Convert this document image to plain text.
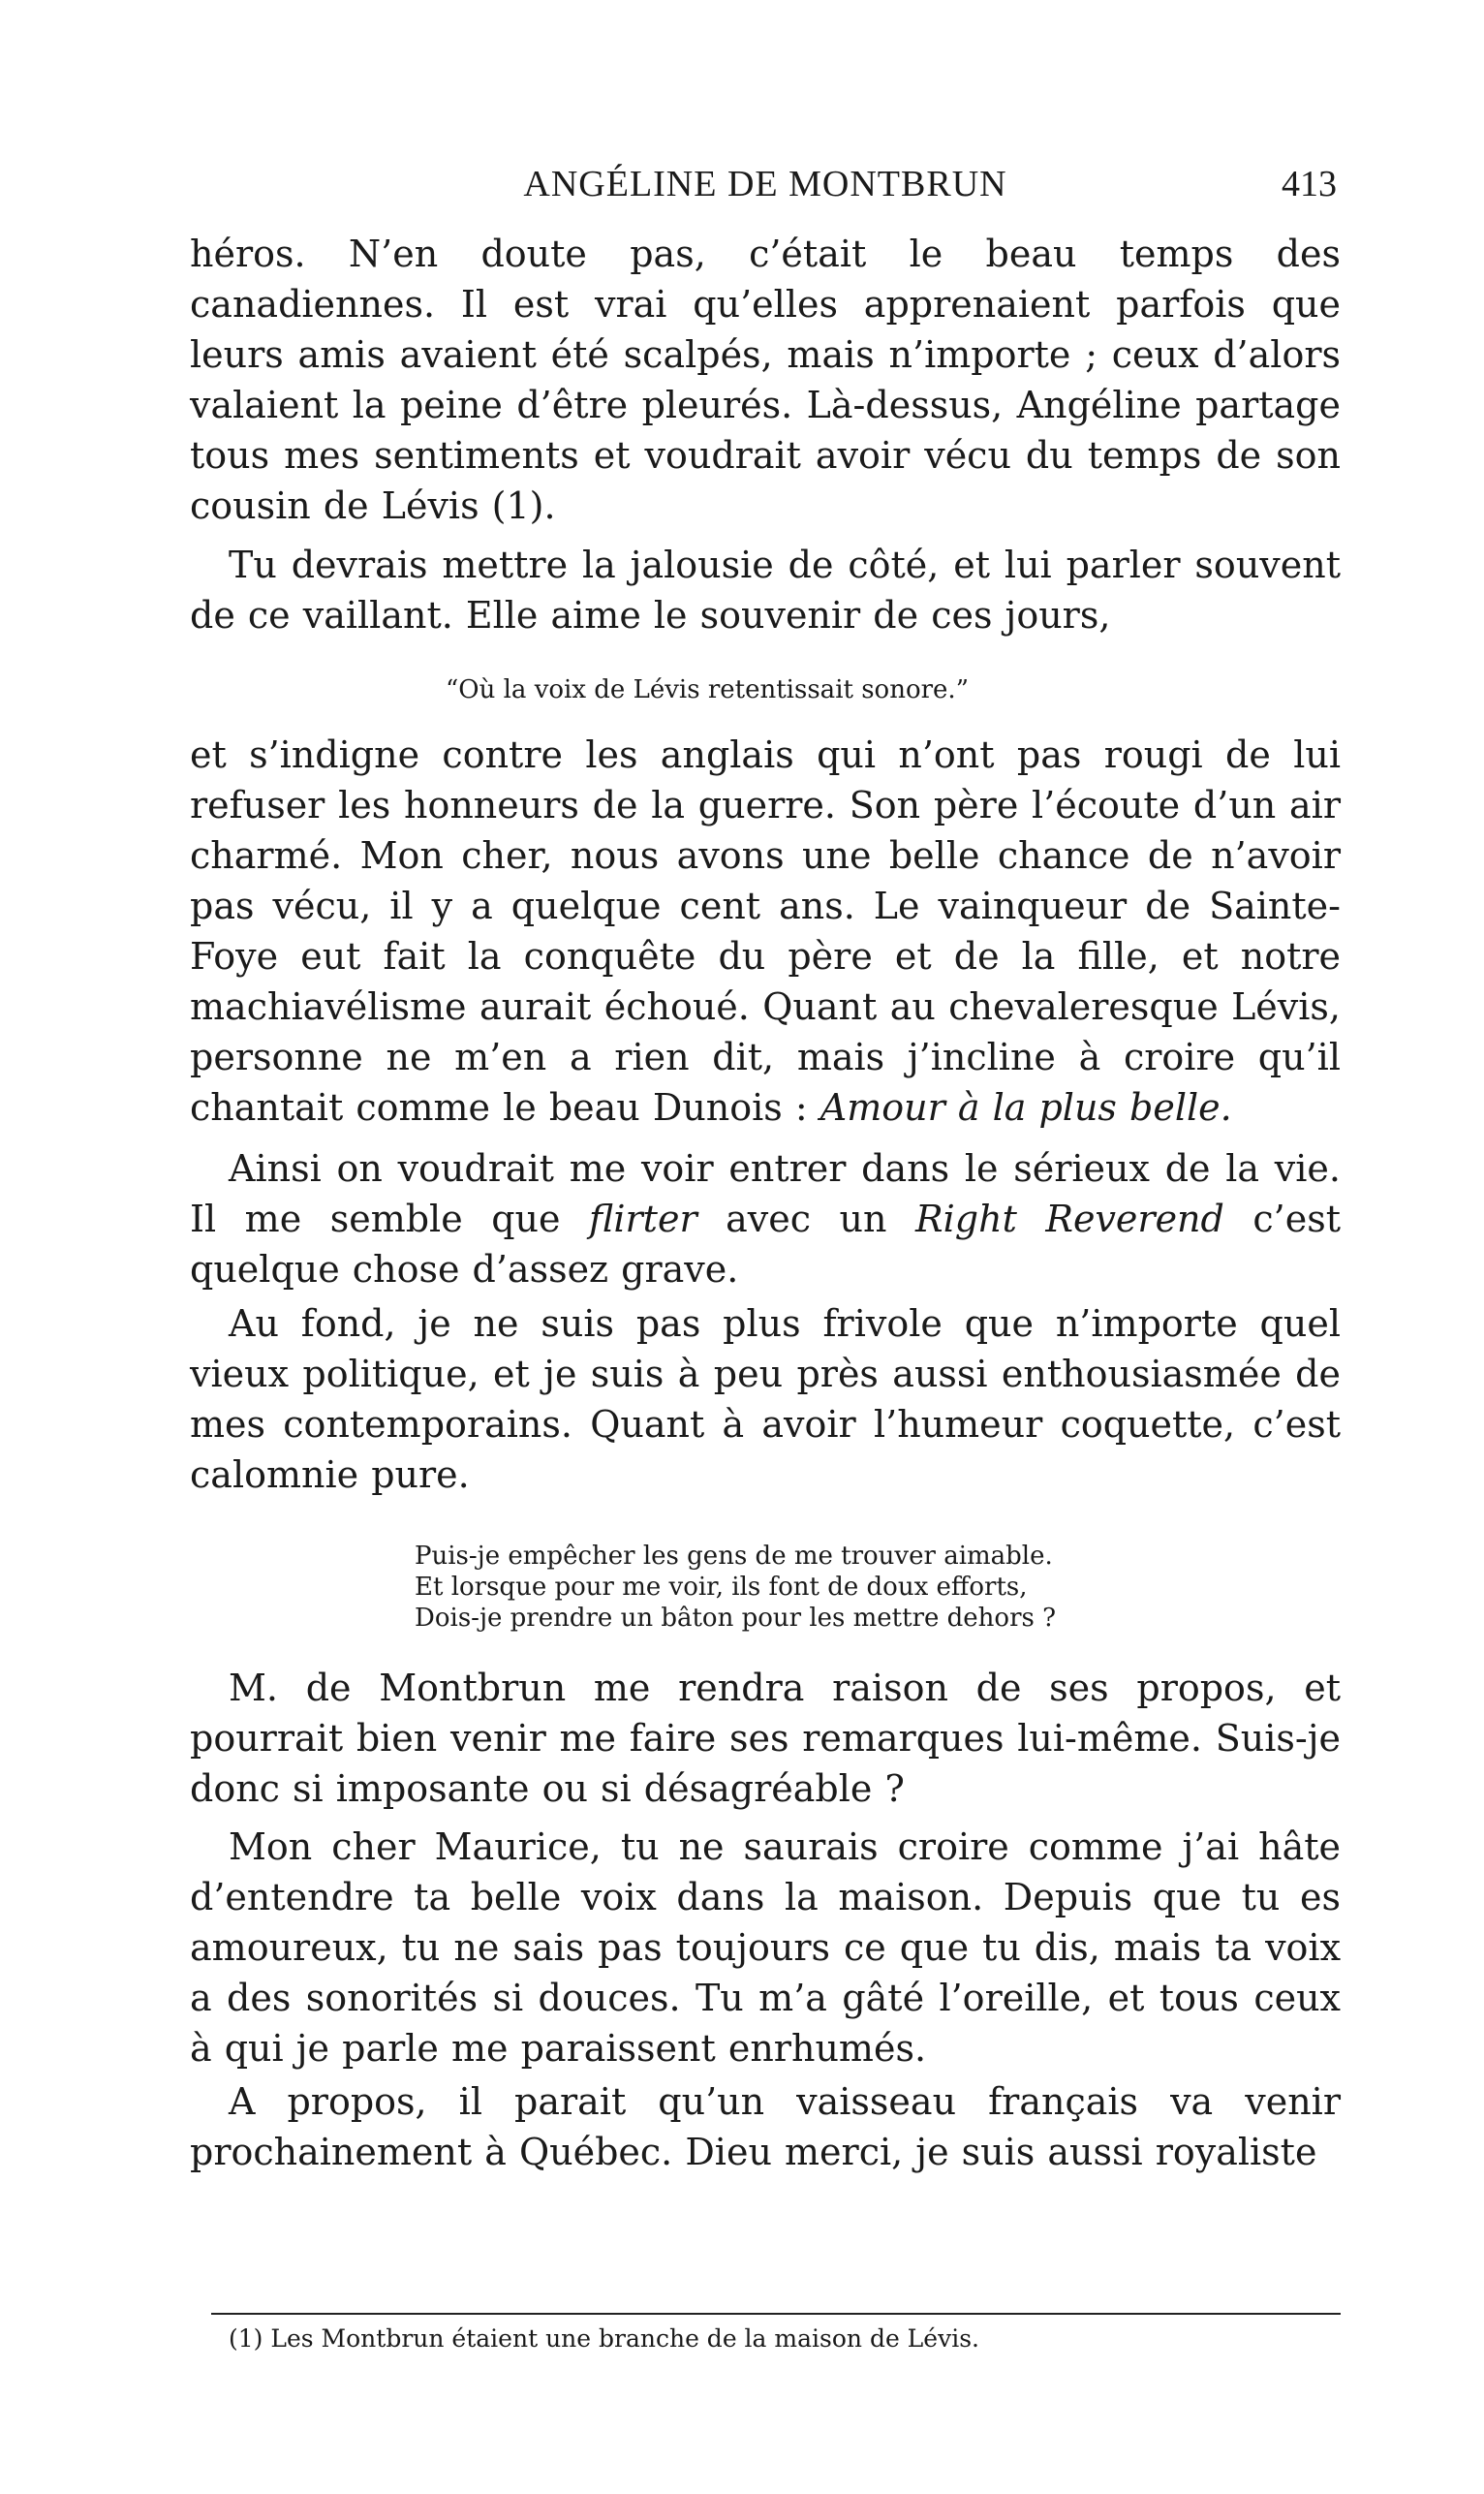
ANGÉLINE DE MONTBRUN	413

héros. N’en doute pas, c’était le beau temps des canadiennes. Il est vrai qu’elles apprenaient parfois que leurs amis avaient été scalpés, mais n’importe ; ceux d’alors valaient la peine d’être pleurés. Là-dessus, Angéline partage tous mes sentiments et voudrait avoir vécu du temps de son cousin de Lévis (1).

Tu devrais mettre la jalousie de côté, et lui parler souvent de ce vaillant. Elle aime le souvenir de ces jours,

“Où la voix de Lévis retentissait sonore.”

et s’indigne contre les anglais qui n’ont pas rougi de lui refuser les honneurs de la guerre. Son père l’écoute d’un air charmé. Mon cher, nous avons une belle chance de n’avoir pas vécu, il y a quelque cent ans. Le vainqueur de Sainte-Foye eut fait la conquête du père et de la fille, et notre machiavélisme aurait échoué. Quant au chevaleresque Lévis, personne ne m’en a rien dit, mais j’incline à croire qu’il chantait comme le beau Dunois : Amour à la plus belle.

Ainsi on voudrait me voir entrer dans le sérieux de la vie. Il me semble que flirter avec un Right Reverend c’est quelque chose d’assez grave.

Au fond, je ne suis pas plus frivole que n’importe quel vieux politique, et je suis à peu près aussi enthousiasmée de mes contemporains. Quant à avoir l’humeur coquette, c’est calomnie pure.

Puis-je empêcher les gens de me trouver aimable.
Et lorsque pour me voir, ils font de doux efforts,
Dois-je prendre un bâton pour les mettre dehors ?

M. de Montbrun me rendra raison de ses propos, et pourrait bien venir me faire ses remarques lui-même. Suis-je donc si imposante ou si désagréable ?

Mon cher Maurice, tu ne saurais croire comme j’ai hâte d’entendre ta belle voix dans la maison. Depuis que tu es amoureux, tu ne sais pas toujours ce que tu dis, mais ta voix a des sonorités si douces. Tu m’a gâté l’oreille, et tous ceux à qui je parle me paraissent enrhumés.

A propos, il parait qu’un vaisseau français va venir prochainement à Québec. Dieu merci, je suis aussi royaliste

(1) Les Montbrun étaient une branche de la maison de Lévis.
